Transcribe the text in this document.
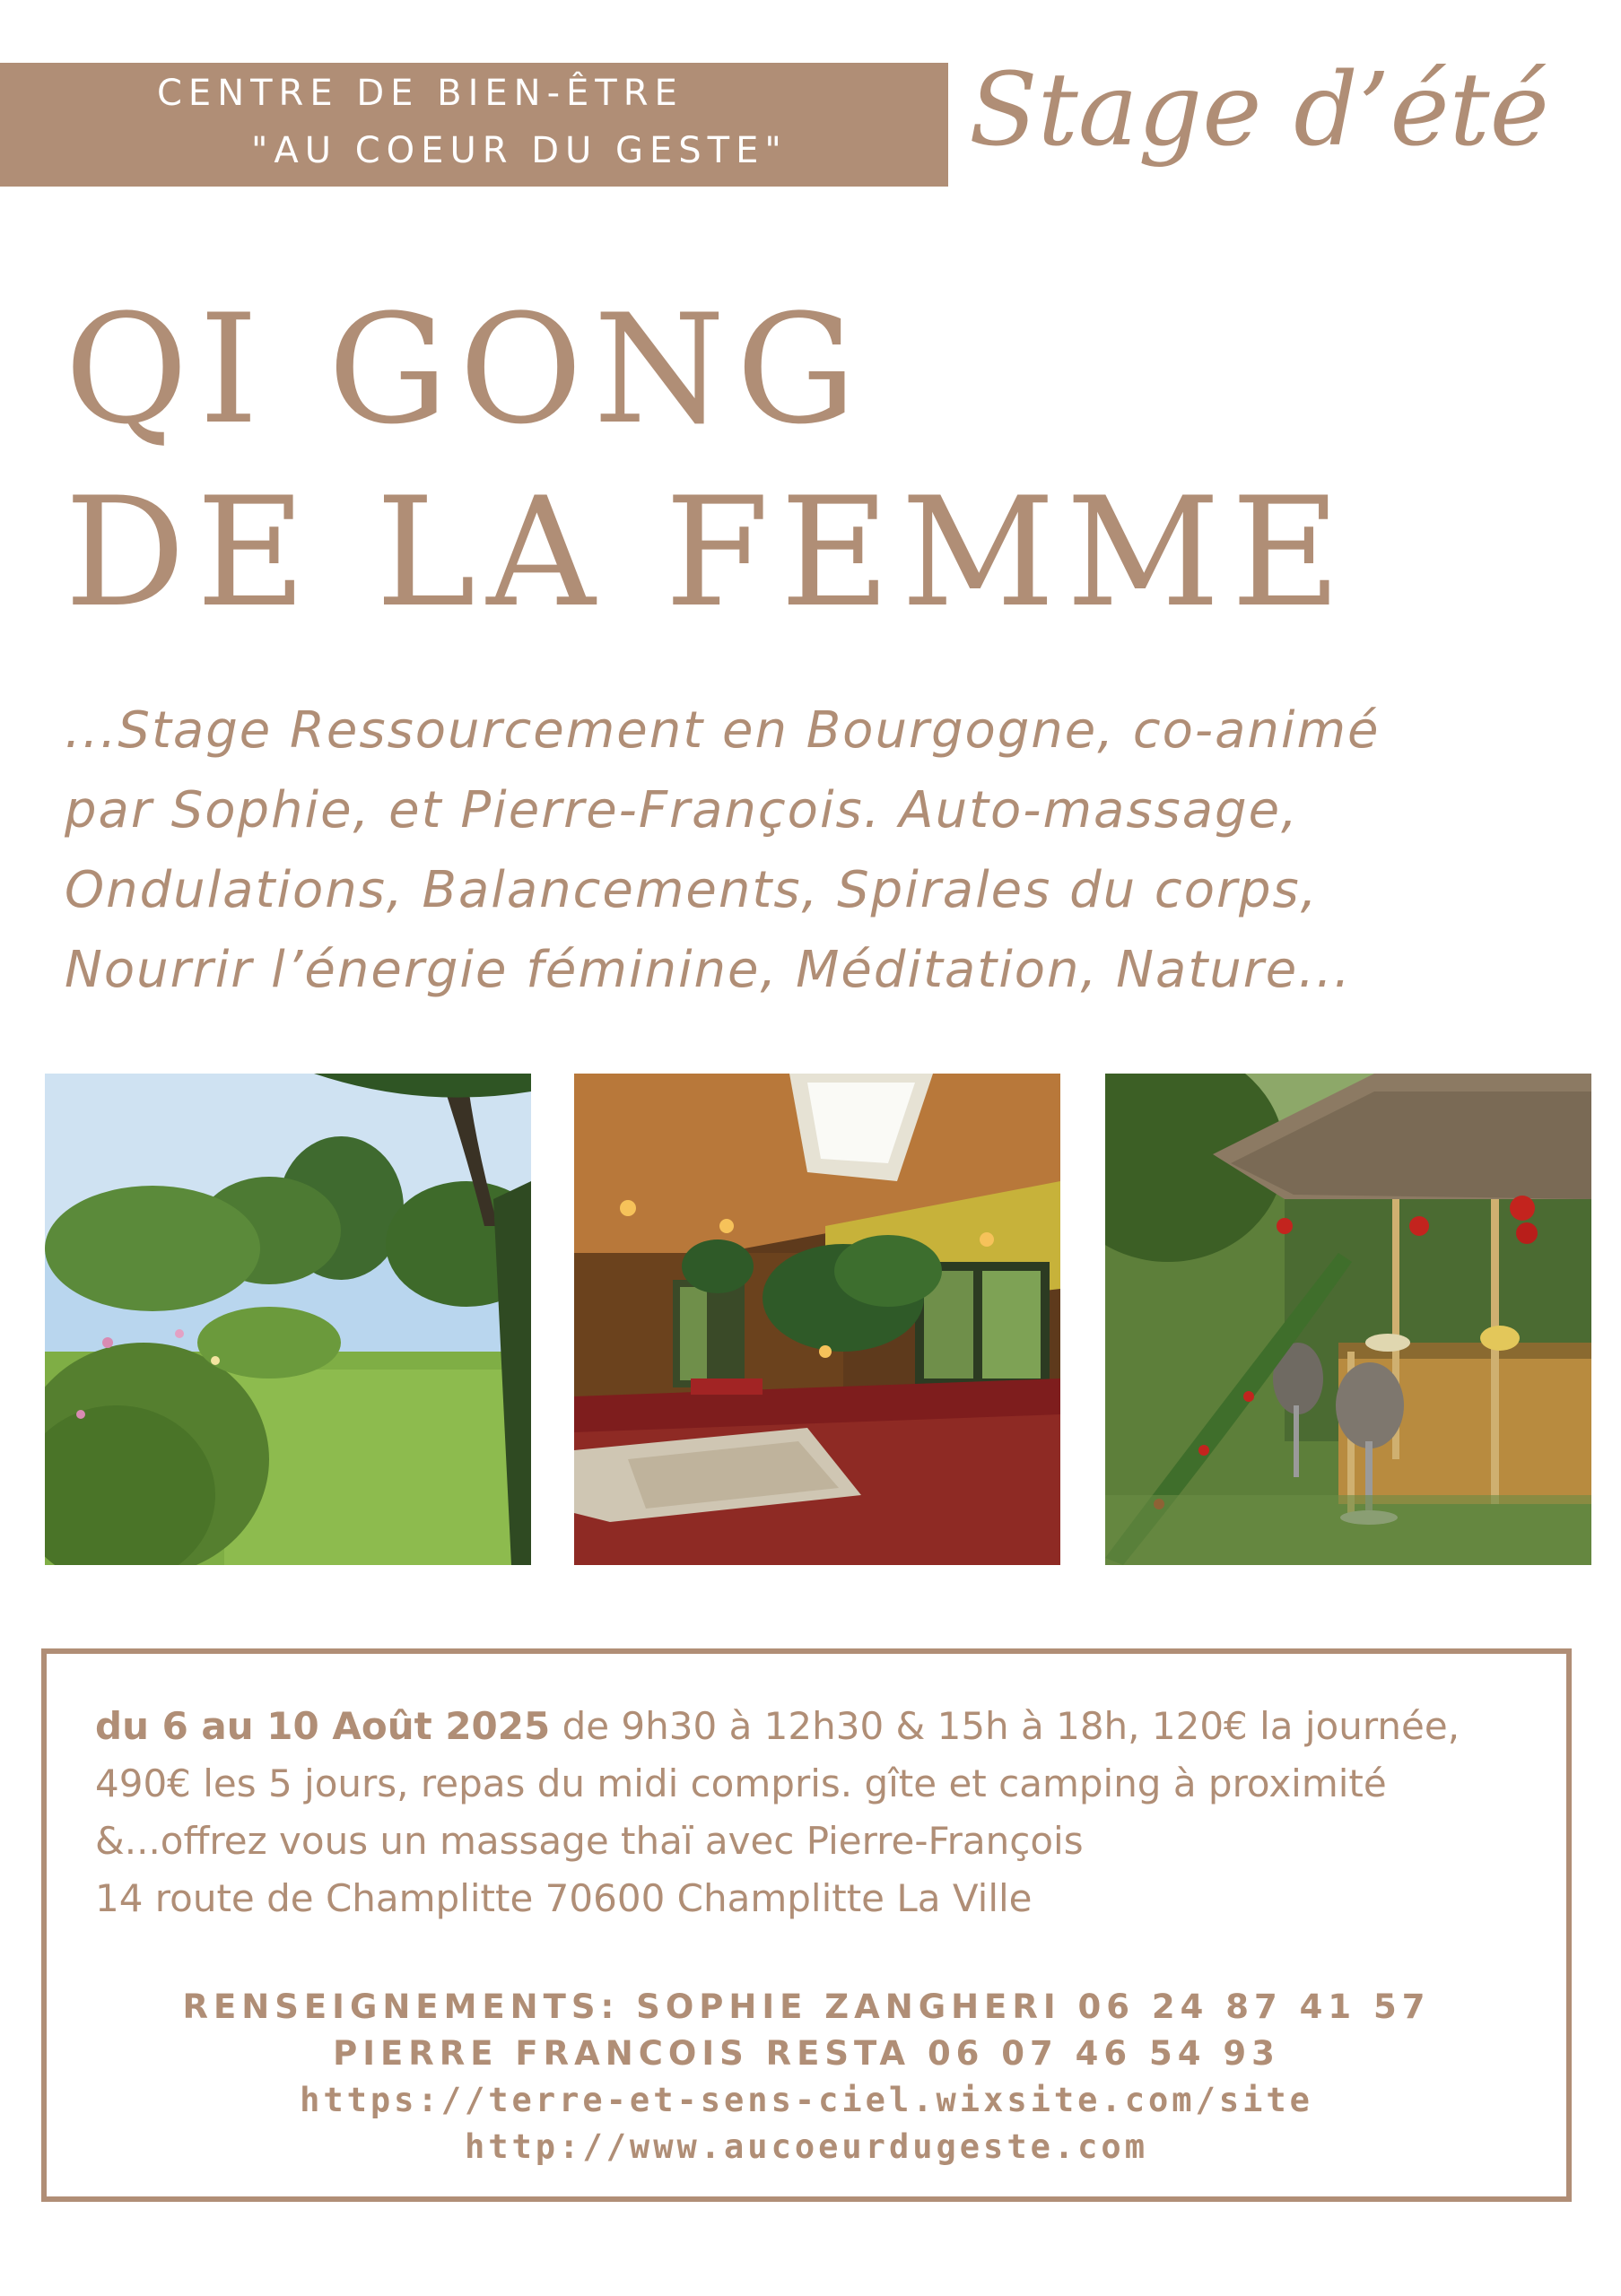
CENTRE DE BIEN-ÊTRE
"AU COEUR DU GESTE" Stage d’été
QI GONG
DE LA FEMME
...Stage Ressourcement en Bourgogne, co-animé
par Sophie, et Pierre-François. Auto-massage,
Ondulations, Balancements, Spirales du corps,
Nourrir l’énergie féminine, Méditation, Nature...
du 6 au 10 Août 2025 de 9h30 à 12h30 & 15h à 18h, 120€ la journée,
490€ les 5 jours, repas du midi compris. gîte et camping à proximité
&...offrez vous un massage thaï avec Pierre-François
14 route de Champlitte 70600 Champlitte La Ville
RENSEIGNEMENTS: SOPHIE ZANGHERI 06 24 87 41 57
PIERRE FRANCOIS RESTA 06 07 46 54 93
https://terre-et-sens-ciel.wixsite.com/site
http://www.aucoeurdugeste.com
